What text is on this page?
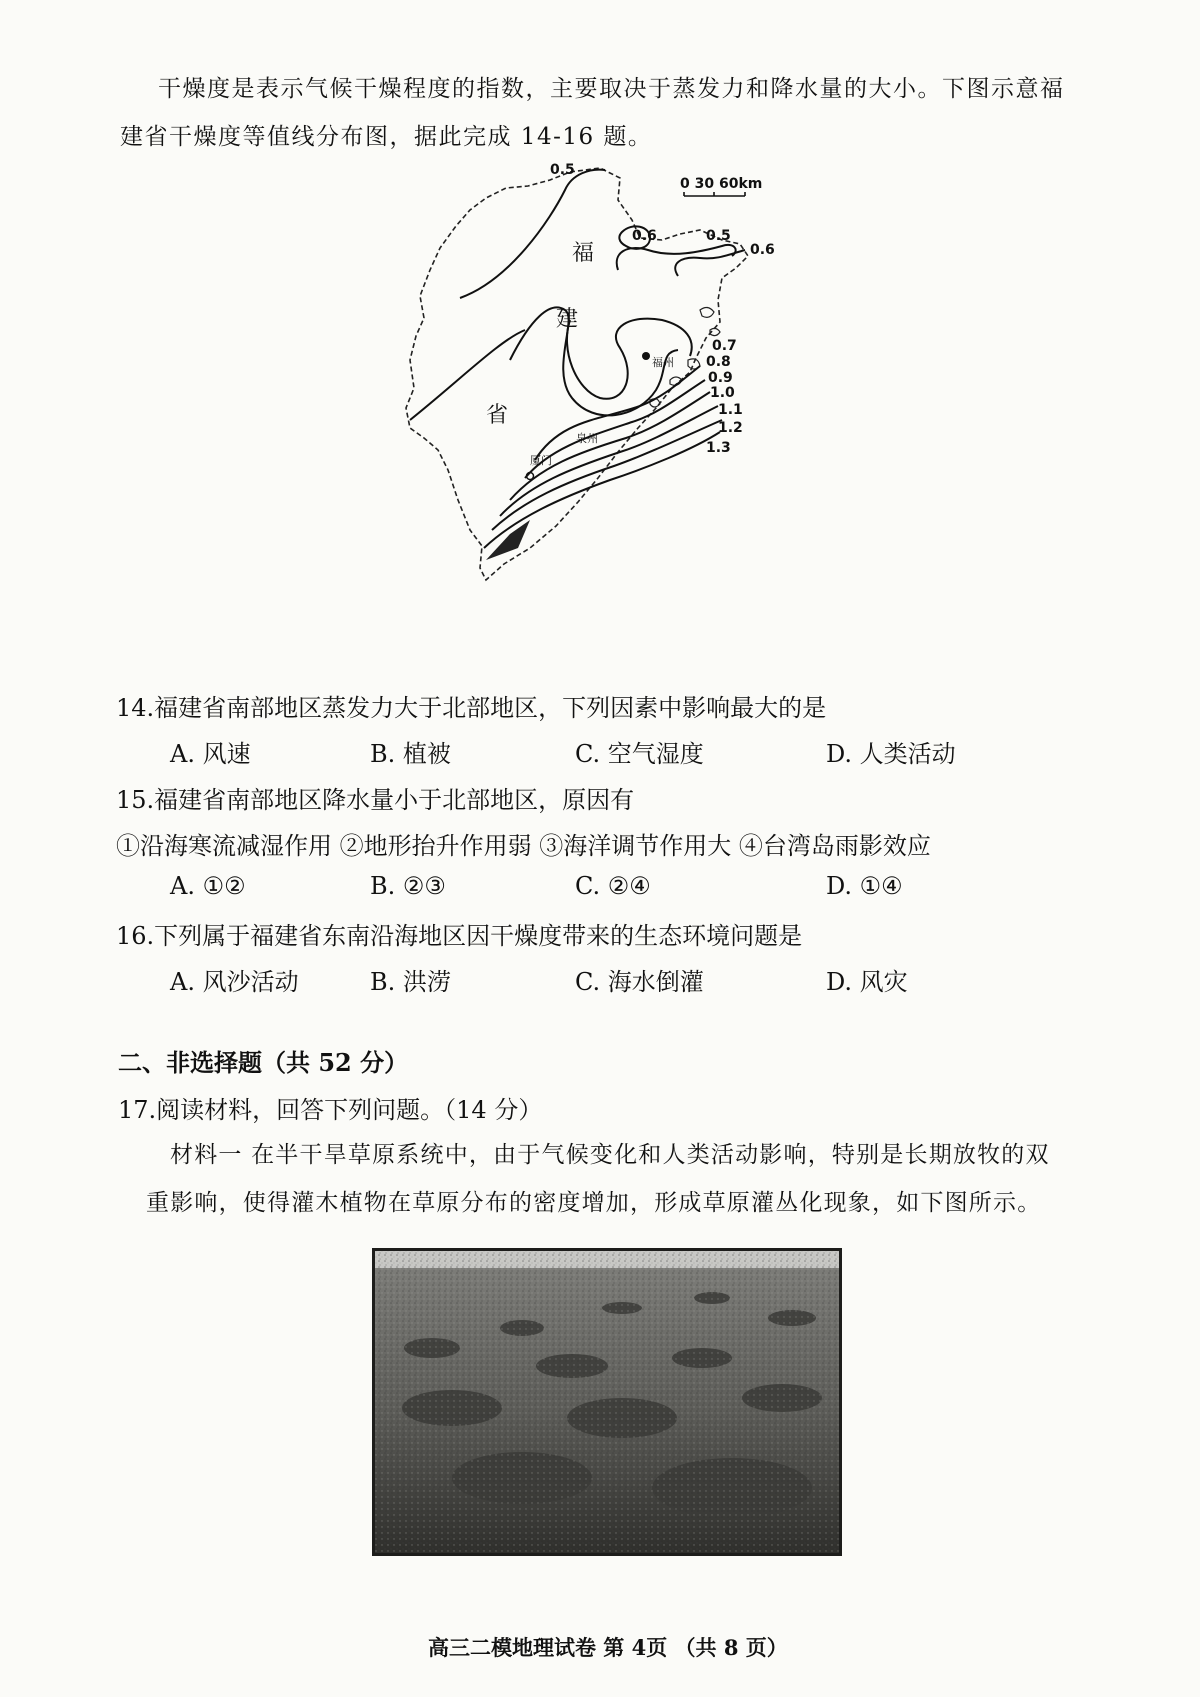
干燥度是表示气候干燥程度的指数，主要取决于蒸发力和降水量的大小。下图示意福
建省干燥度等值线分布图，据此完成 14-16 题。
0 30 60km
福
建
省
福州
泉州
厦门
0.5
0.6	0.5
0.6
0.7
0.8
0.9
1.0
1.1
1.2
1.3
14.福建省南部地区蒸发力大于北部地区，下列因素中影响最大的是
A. 风速	B. 植被	C. 空气湿度	D. 人类活动
15.福建省南部地区降水量小于北部地区，原因有
①沿海寒流减湿作用 ②地形抬升作用弱 ③海洋调节作用大 ④台湾岛雨影效应
A. ①②	B. ②③	C. ②④	D. ①④
16.下列属于福建省东南沿海地区因干燥度带来的生态环境问题是
A. 风沙活动	B. 洪涝	C. 海水倒灌	D. 风灾
二、非选择题（共 52 分）
17.阅读材料，回答下列问题。（14 分）
材料一 在半干旱草原系统中，由于气候变化和人类活动影响，特别是长期放牧的双
重影响，使得灌木植物在草原分布的密度增加，形成草原灌丛化现象，如下图所示。
高三二模地理试卷 第 4页 （共 8 页）
